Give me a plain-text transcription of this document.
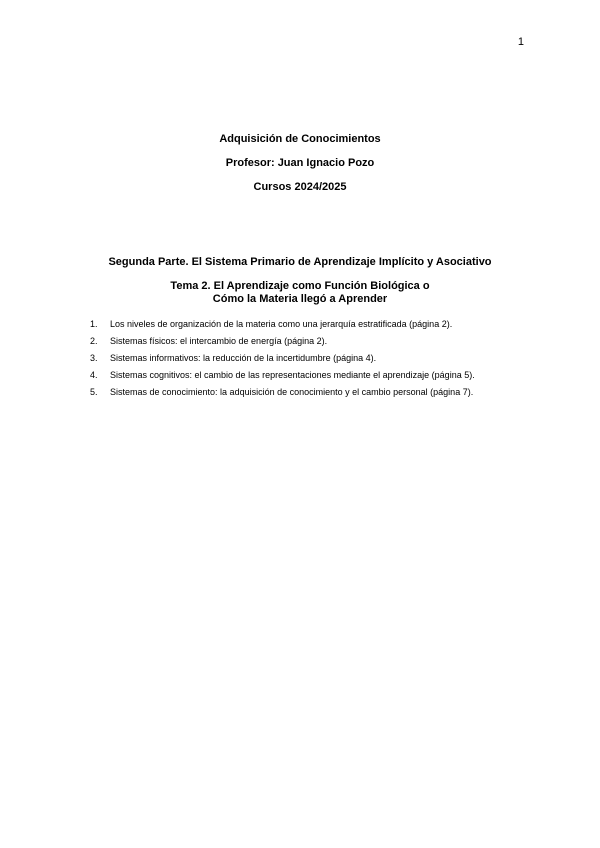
1
Adquisición de Conocimientos
Profesor: Juan Ignacio Pozo
Cursos 2024/2025
Segunda Parte. El Sistema Primario de Aprendizaje Implícito y Asociativo
Tema 2. El Aprendizaje como Función Biológica o
Cómo la Materia llegó a Aprender
1.	Los niveles de organización de la materia como una jerarquía estratificada (página 2).
2.	Sistemas físicos: el intercambio de energía (página 2).
3.	Sistemas informativos: la reducción de la incertidumbre (página 4).
4.	Sistemas cognitivos: el cambio de las representaciones mediante el aprendizaje (página 5).
5.	Sistemas de conocimiento: la adquisición de conocimiento y el cambio personal (página 7).
